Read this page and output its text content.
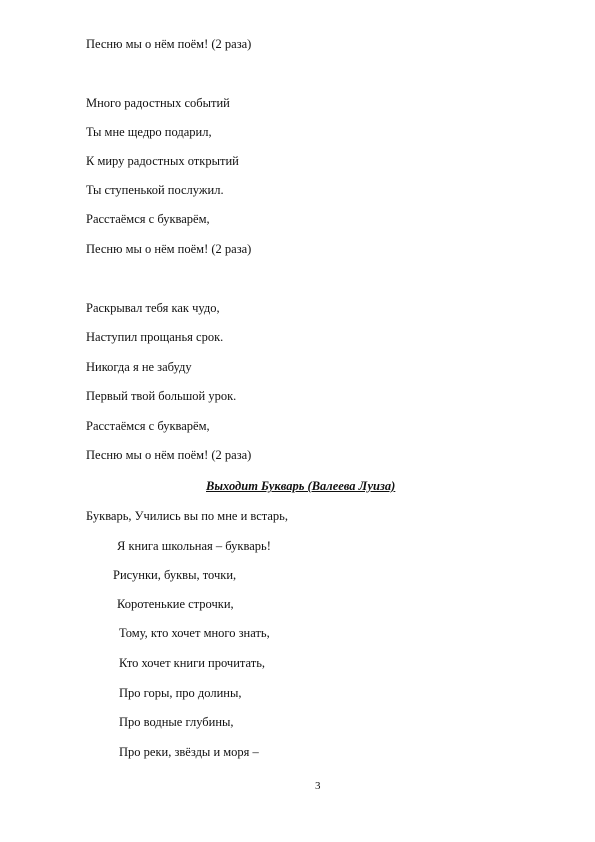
Песню мы о нём поём! (2 раза)
Много радостных событий
Ты мне щедро подарил,
К миру радостных открытий
Ты ступенькой послужил.
Расстаёмся с букварём,
Песню мы о нём поём! (2 раза)
Раскрывал тебя как чудо,
Наступил прощанья срок.
Никогда я не забуду
Первый твой большой урок.
Расстаёмся с букварём,
Песню мы о нём поём! (2 раза)
Выходит Букварь (Валеева Луиза)
Букварь, Учились вы по мне и встарь,
Я книга школьная – букварь!
Рисунки, буквы, точки,
Коротенькие строчки,
Тому, кто хочет много знать,
Кто хочет книги прочитать,
Про горы, про долины,
Про водные глубины,
Про реки, звёзды и моря –
3
